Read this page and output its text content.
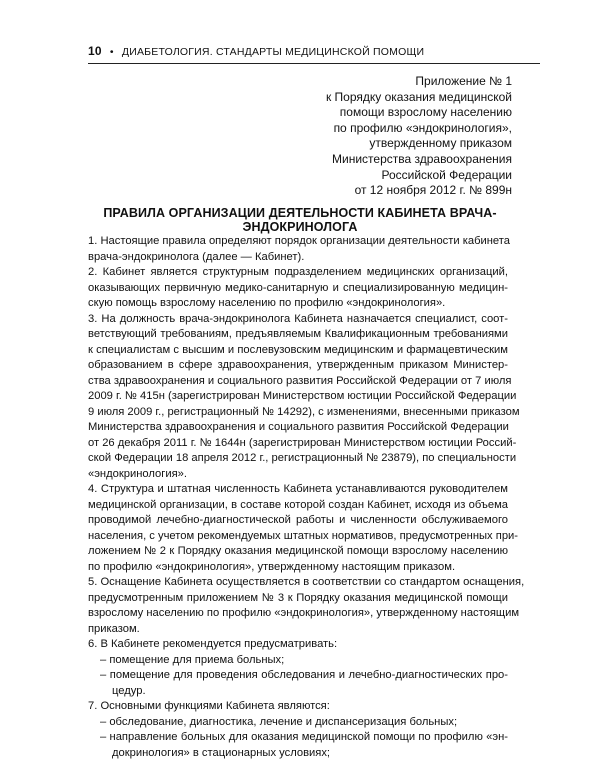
10 • ДИАБЕТОЛОГИЯ. СТАНДАРТЫ МЕДИЦИНСКОЙ ПОМОЩИ
Приложение № 1
к Порядку оказания медицинской
помощи взрослому населению
по профилю «эндокринология»,
утвержденному приказом
Министерства здравоохранения
Российской Федерации
от 12 ноября 2012 г. № 899н
ПРАВИЛА ОРГАНИЗАЦИИ ДЕЯТЕЛЬНОСТИ КАБИНЕТА ВРАЧА-ЭНДОКРИНОЛОГА
1. Настоящие правила определяют порядок организации деятельности кабинета
врача-эндокринолога (далее — Кабинет).
2. Кабинет является структурным подразделением медицинских организаций,
оказывающих первичную медико-санитарную и специализированную медицин-
скую помощь взрослому населению по профилю «эндокринология».
3. На должность врача-эндокринолога Кабинета назначается специалист, соот-
ветствующий требованиям, предъявляемым Квалификационным требованиями
к специалистам с высшим и послевузовским медицинским и фармацевтическим
образованием в сфере здравоохранения, утвержденным приказом Министер-
ства здравоохранения и социального развития Российской Федерации от 7 июля
2009 г. № 415н (зарегистрирован Министерством юстиции Российской Федерации
9 июля 2009 г., регистрационный № 14292), с изменениями, внесенными приказом
Министерства здравоохранения и социального развития Российской Федерации
от 26 декабря 2011 г. № 1644н (зарегистрирован Министерством юстиции Россий-
ской Федерации 18 апреля 2012 г., регистрационный № 23879), по специальности
«эндокринология».
4. Структура и штатная численность Кабинета устанавливаются руководителем
медицинской организации, в составе которой создан Кабинет, исходя из объема
проводимой лечебно-диагностической работы и численности обслуживаемого
населения, с учетом рекомендуемых штатных нормативов, предусмотренных при-
ложением № 2 к Порядку оказания медицинской помощи взрослому населению
по профилю «эндокринология», утвержденному настоящим приказом.
5. Оснащение Кабинета осуществляется в соответствии со стандартом оснащения,
предусмотренным приложением № 3 к Порядку оказания медицинской помощи
взрослому населению по профилю «эндокринология», утвержденному настоящим
приказом.
6. В Кабинете рекомендуется предусматривать:
– помещение для приема больных;
– помещение для проведения обследования и лечебно-диагностических про-
цедур.
7. Основными функциями Кабинета являются:
– обследование, диагностика, лечение и диспансеризация больных;
– направление больных для оказания медицинской помощи по профилю «эн-
докринология» в стационарных условиях;
